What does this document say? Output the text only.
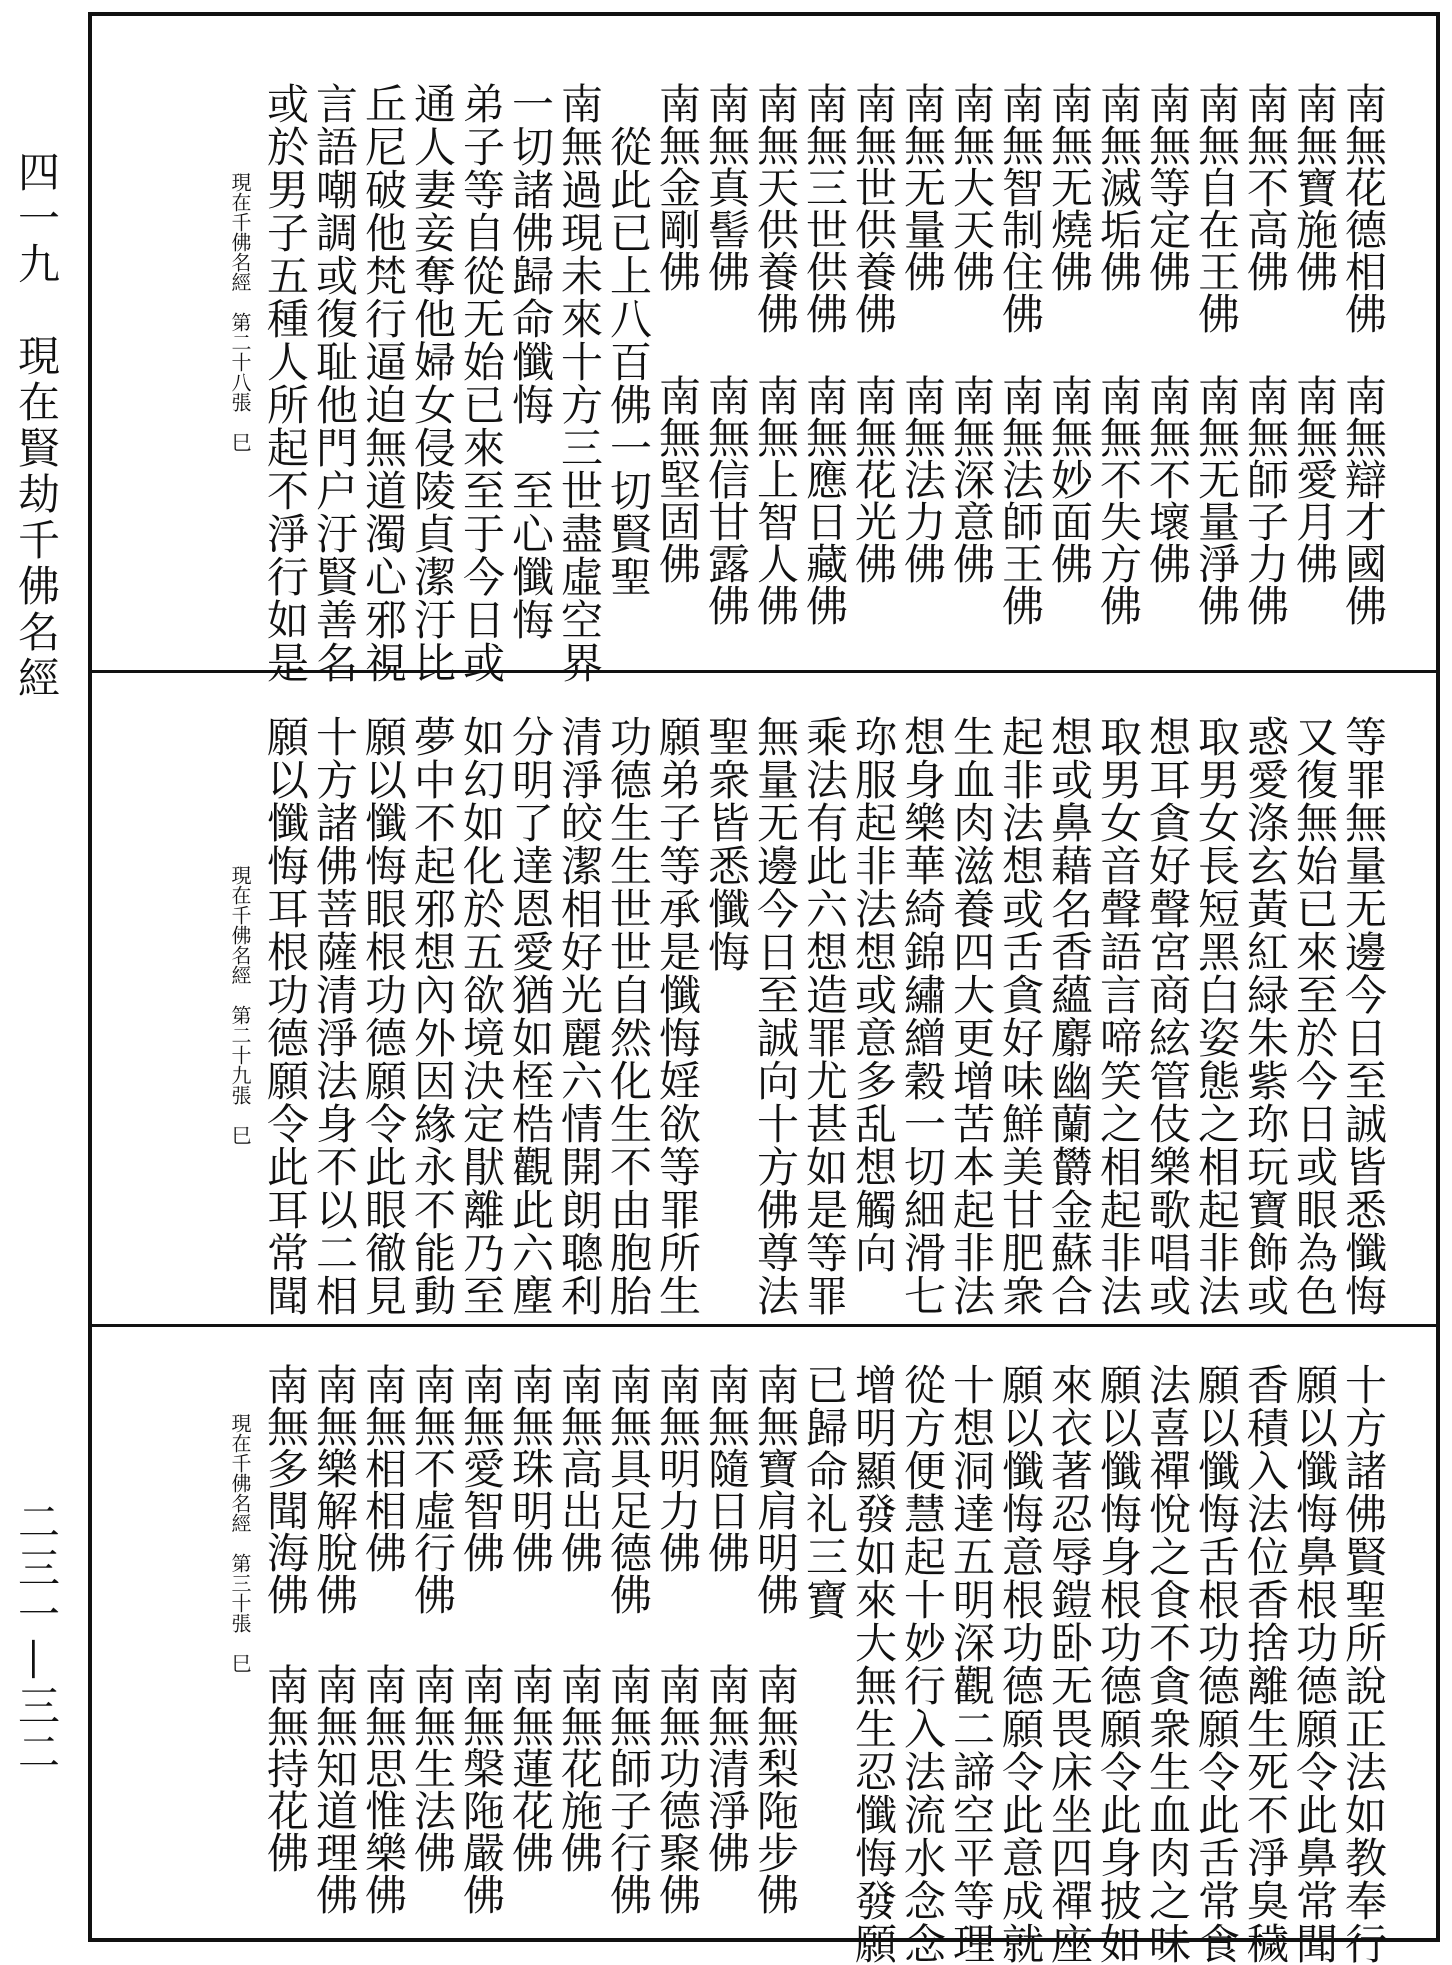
四一九　現在賢劫千佛名經
二三一—三二
南無花德相佛
南無辯才國佛
南無寶施佛
南無愛月佛
南無不高佛
南無師子力佛
南無自在王佛
南無无量淨佛
南無等定佛
南無不壞佛
南無滅垢佛
南無不失方佛
南無无燒佛
南無妙面佛
南無智制住佛
南無法師王佛
南無大天佛
南無深意佛
南無无量佛
南無法力佛
南無世供養佛
南無花光佛
南無三世供佛
南無應日藏佛
南無天供養佛
南無上智人佛
南無真髻佛
南無信甘露佛
南無金剛佛
南無堅固佛
　從此已上八百佛一切賢聖
南無過現未來十方三世盡虛空界
一切諸佛歸命懺悔　至心懺悔
弟子等自從无始已來至于今日或
通人妻妾奪他婦女侵陵貞潔汙比
丘尼破他梵行逼迫無道濁心邪視
言語嘲調或復耻他門户汙賢善名
或於男子五種人所起不淨行如是
現在千佛名經　第二十八張　巳
等罪無量无邊今日至誠皆悉懺悔
又復無始已來至於今日或眼為色
惑愛涤玄黃紅緑朱紫珎玩寶飾或
取男女長短黑白姿態之相起非法
想耳貪好聲宮商絃管伎樂歌唱或
取男女音聲語言啼笑之相起非法
想或鼻藉名香蘊麝幽蘭欝金蘇合
起非法想或舌貪好味鮮美甘肥衆
生血肉滋養四大更增苦本起非法
想身樂華綺錦繡繒穀一切細滑七
珎服起非法想或意多乱想觸向
乘法有此六想造罪尤甚如是等罪
無量无邊今日至誠向十方佛尊法
聖衆皆悉懺悔
願弟子等承是懺悔婬欲等罪所生
功德生生世世自然化生不由胞胎
清淨皎潔相好光麗六情開朗聰利
分明了達恩愛猶如桎梏觀此六塵
如幻如化於五欲境決定猒離乃至
夢中不起邪想內外因緣永不能動
願以懺悔眼根功德願令此眼徹見
十方諸佛菩薩清淨法身不以二相
願以懺悔耳根功德願令此耳常聞
現在千佛名經　第二十九張　巳
十方諸佛賢聖所說正法如教奉行
願以懺悔鼻根功德願令此鼻常聞
香積入法位香捨離生死不淨臭穢
願以懺悔舌根功德願令此舌常食
法喜禪悅之食不貪衆生血肉之味
願以懺悔身根功德願令此身披如
來衣著忍辱鎧卧无畏床坐四禪座
願以懺悔意根功德願令此意成就
十想洞達五明深觀二諦空平等理
從方便慧起十妙行入法流水念念
增明顯發如來大無生忍懺悔發願
已歸命礼三寶
南無寶肩明佛
南無梨陁步佛
南無隨日佛
南無清淨佛
南無明力佛
南無功德聚佛
南無具足德佛
南無師子行佛
南無高出佛
南無花施佛
南無珠明佛
南無蓮花佛
南無愛智佛
南無槃陁嚴佛
南無不虛行佛
南無生法佛
南無相相佛
南無思惟樂佛
南無樂解脫佛
南無知道理佛
南無多聞海佛
南無持花佛
現在千佛名經　第三十張　巳
